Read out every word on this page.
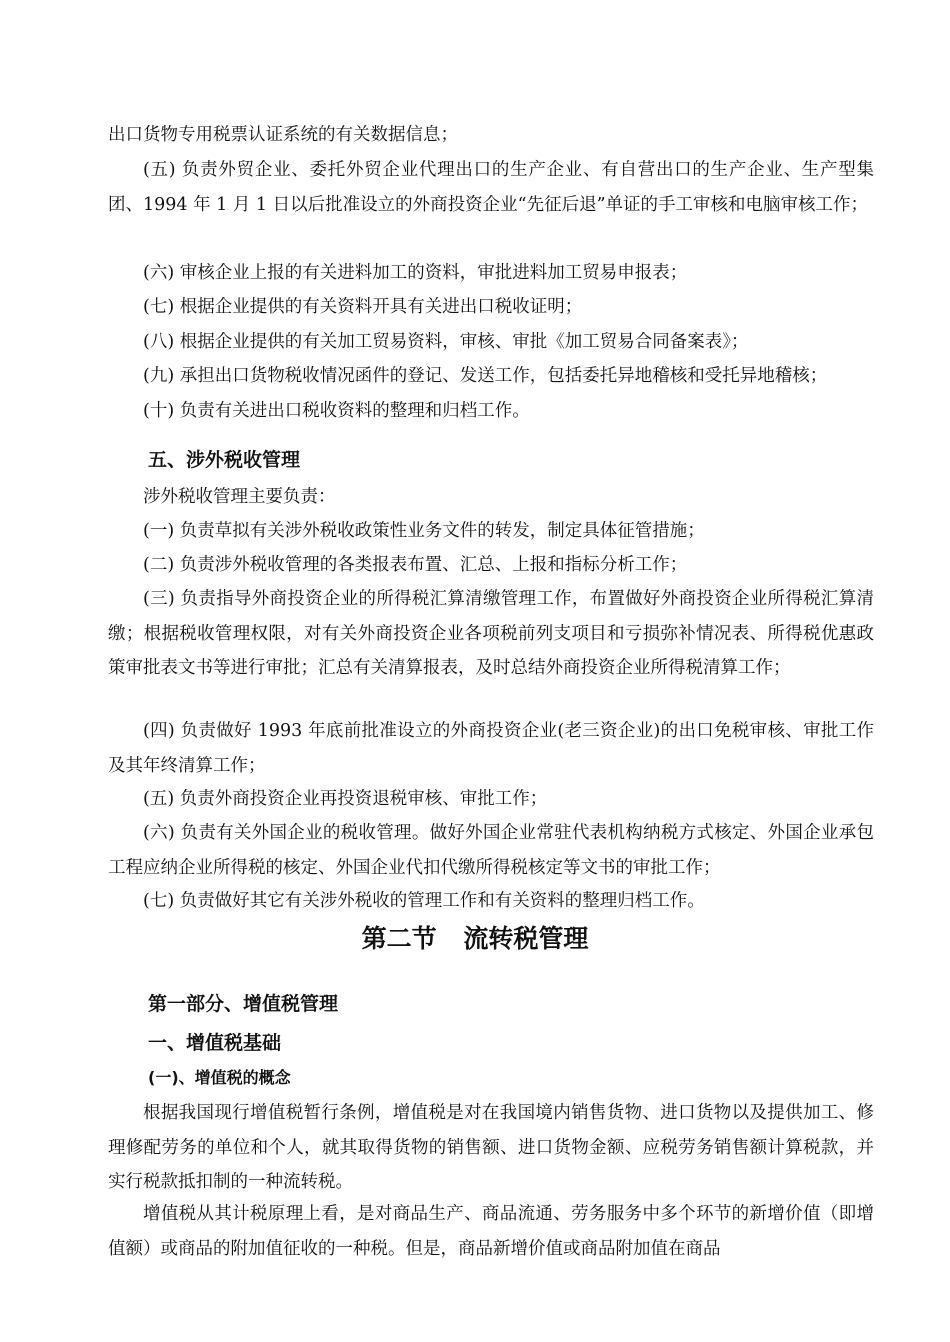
出口货物专用税票认证系统的有关数据信息；

(五) 负责外贸企业、委托外贸企业代理出口的生产企业、有自营出口的生产企业、生产型集团、1994 年 1 月 1 日以后批准设立的外商投资企业“先征后退”单证的手工审核和电脑审核工作；

(六) 审核企业上报的有关进料加工的资料，审批进料加工贸易申报表；

(七) 根据企业提供的有关资料开具有关进出口税收证明；

(八) 根据企业提供的有关加工贸易资料，审核、审批《加工贸易合同备案表》；

(九) 承担出口货物税收情况函件的登记、发送工作，包括委托异地稽核和受托异地稽核；

(十) 负责有关进出口税收资料的整理和归档工作。

五、涉外税收管理

涉外税收管理主要负责：

(一) 负责草拟有关涉外税收政策性业务文件的转发，制定具体征管措施；

(二) 负责涉外税收管理的各类报表布置、汇总、上报和指标分析工作；

(三) 负责指导外商投资企业的所得税汇算清缴管理工作，布置做好外商投资企业所得税汇算清缴；根据税收管理权限，对有关外商投资企业各项税前列支项目和亏损弥补情况表、所得税优惠政策审批表文书等进行审批；汇总有关清算报表，及时总结外商投资企业所得税清算工作；

(四) 负责做好 1993 年底前批准设立的外商投资企业(老三资企业)的出口免税审核、审批工作及其年终清算工作；

(五) 负责外商投资企业再投资退税审核、审批工作；

(六) 负责有关外国企业的税收管理。做好外国企业常驻代表机构纳税方式核定、外国企业承包工程应纳企业所得税的核定、外国企业代扣代缴所得税核定等文书的审批工作；

(七) 负责做好其它有关涉外税收的管理工作和有关资料的整理归档工作。

第二节 流转税管理
第一部分、增值税管理
一、增值税基础
(一)、增值税的概念

根据我国现行增值税暂行条例，增值税是对在我国境内销售货物、进口货物以及提供加工、修理修配劳务的单位和个人，就其取得货物的销售额、进口货物金额、应税劳务销售额计算税款，并实行税款抵扣制的一种流转税。

增值税从其计税原理上看，是对商品生产、商品流通、劳务服务中多个环节的新增价值（即增值额）或商品的附加值征收的一种税。但是，商品新增价值或商品附加值在商品
